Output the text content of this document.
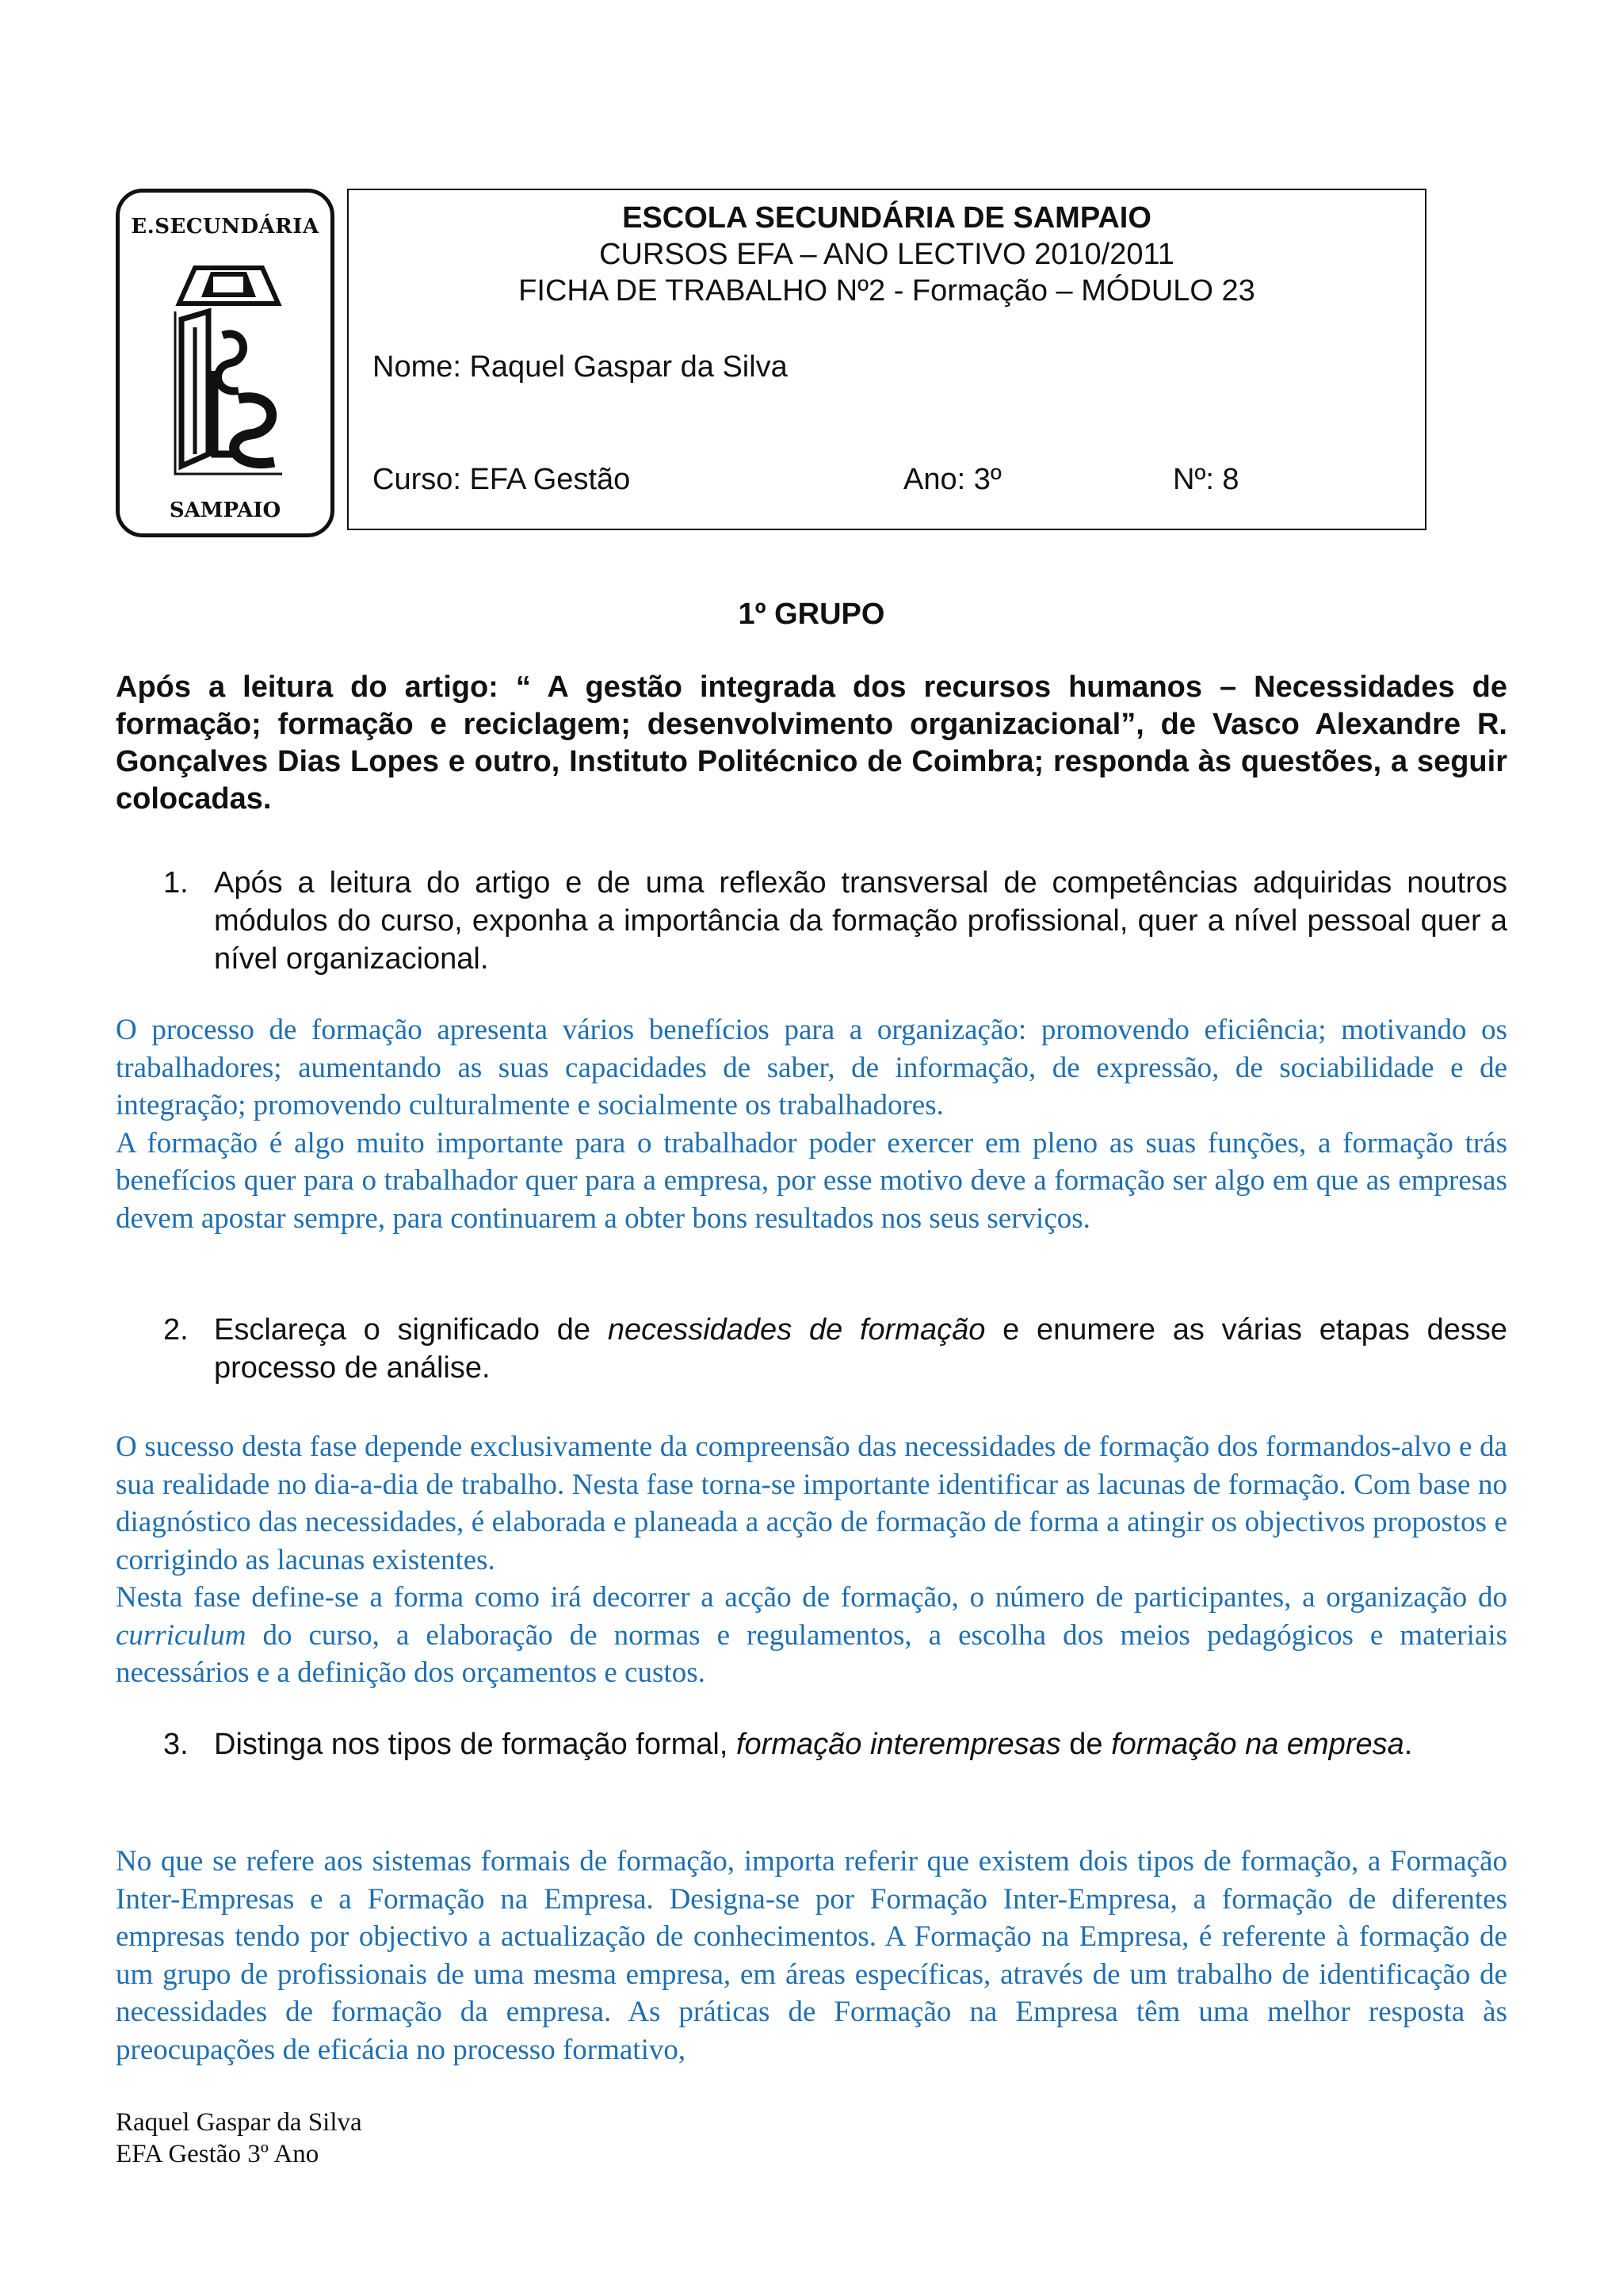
E.SECUNDÁRIA
SAMPAIO
ESCOLA SECUNDÁRIA DE SAMPAIO
CURSOS EFA – ANO LECTIVO 2010/2011
FICHA DE TRABALHO Nº2 - Formação – MÓDULO 23
Nome: Raquel Gaspar da Silva
Curso: EFA Gestão	Ano: 3º	Nº: 8
1º GRUPO
Após a leitura do artigo: “ A gestão integrada dos recursos humanos – Necessidades de formação; formação e reciclagem; desenvolvimento organizacional”, de Vasco Alexandre R. Gonçalves Dias Lopes e outro, Instituto Politécnico de Coimbra; responda às questões, a seguir colocadas.
1. Após a leitura do artigo e de uma reflexão transversal de competências adquiridas noutros módulos do curso, exponha a importância da formação profissional, quer a nível pessoal quer a nível organizacional.

O processo de formação apresenta vários benefícios para a organização: promovendo eficiência; motivando os trabalhadores; aumentando as suas capacidades de saber, de informação, de expressão, de sociabilidade e de integração; promovendo culturalmente e socialmente os trabalhadores.

A formação é algo muito importante para o trabalhador poder exercer em pleno as suas funções, a formação trás benefícios quer para o trabalhador quer para a empresa, por esse motivo deve a formação ser algo em que as empresas devem apostar sempre, para continuarem a obter bons resultados nos seus serviços.

2. Esclareça o significado de necessidades de formação e enumere as várias etapas desse processo de análise.

O sucesso desta fase depende exclusivamente da compreensão das necessidades de formação dos formandos-alvo e da sua realidade no dia-a-dia de trabalho. Nesta fase torna-se importante identificar as lacunas de formação. Com base no diagnóstico das necessidades, é elaborada e planeada a acção de formação de forma a atingir os objectivos propostos e corrigindo as lacunas existentes.

Nesta fase define-se a forma como irá decorrer a acção de formação, o número de participantes, a organização do curriculum do curso, a elaboração de normas e regulamentos, a escolha dos meios pedagógicos e materiais necessários e a definição dos orçamentos e custos.

3. Distinga nos tipos de formação formal, formação interempresas de formação na empresa.

No que se refere aos sistemas formais de formação, importa referir que existem dois tipos de formação, a Formação Inter-Empresas e a Formação na Empresa. Designa-se por Formação Inter-Empresa, a formação de diferentes empresas tendo por objectivo a actualização de conhecimentos. A Formação na Empresa, é referente à formação de um grupo de profissionais de uma mesma empresa, em áreas específicas, através de um trabalho de identificação de necessidades de formação da empresa. As práticas de Formação na Empresa têm uma melhor resposta às preocupações de eficácia no processo formativo,

Raquel Gaspar da Silva
EFA Gestão 3º Ano
